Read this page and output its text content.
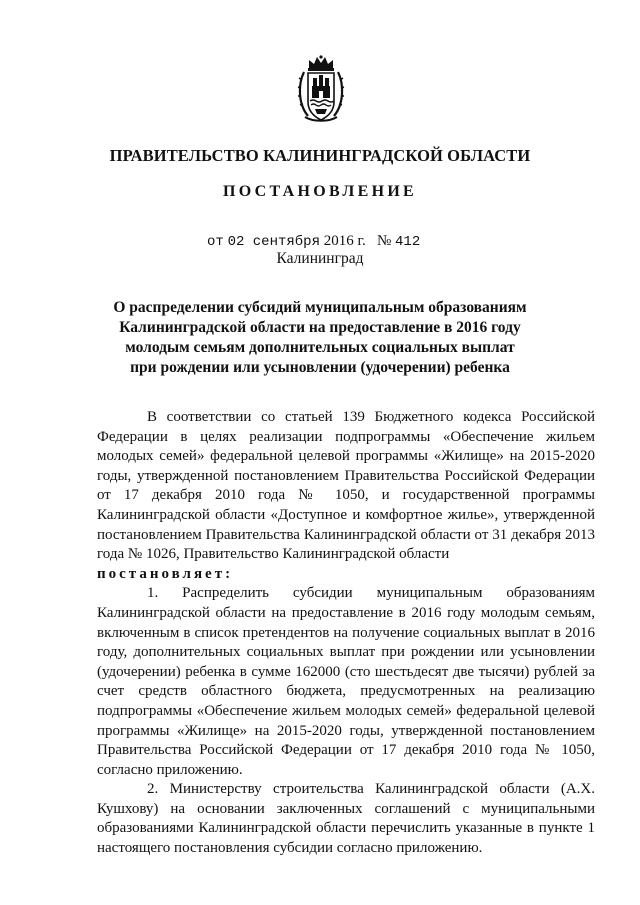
ПРАВИТЕЛЬСТВО КАЛИНИНГРАДСКОЙ ОБЛАСТИ
ПОСТАНОВЛЕНИЕ
от 02 сентября 2016 г. № 412
Калининград
О распределении субсидий муниципальным образованиям
Калининградской области на предоставление в 2016 году
молодым семьям дополнительных социальных выплат
при рождении или усыновлении (удочерении) ребенка

В соответствии со статьей 139 Бюджетного кодекса Российской Федерации в целях реализации подпрограммы «Обеспечение жильем молодых семей» федеральной целевой программы «Жилище» на 2015-2020 годы, утвержденной постановлением Правительства Российской Федерации от 17 декабря 2010 года № 1050, и государственной программы Калининградской области «Доступное и комфортное жилье», утвержденной постановлением Правительства Калининградской области от 31 декабря 2013 года № 1026, Правительство Калининградской области

постановляет:

1. Распределить субсидии муниципальным образованиям Калининградской области на предоставление в 2016 году молодым семьям, включенным в список претендентов на получение социальных выплат в 2016 году, дополнительных социальных выплат при рождении или усыновлении (удочерении) ребенка в сумме 162000 (сто шестьдесят две тысячи) рублей за счет средств областного бюджета, предусмотренных на реализацию подпрограммы «Обеспечение жильем молодых семей» федеральной целевой программы «Жилище» на 2015-2020 годы, утвержденной постановлением Правительства Российской Федерации от 17 декабря 2010 года № 1050, согласно приложению.

2. Министерству строительства Калининградской области (А.Х. Кушхову) на основании заключенных соглашений с муниципальными образованиями Калининградской области перечислить указанные в пункте 1 настоящего постановления субсидии согласно приложению.
